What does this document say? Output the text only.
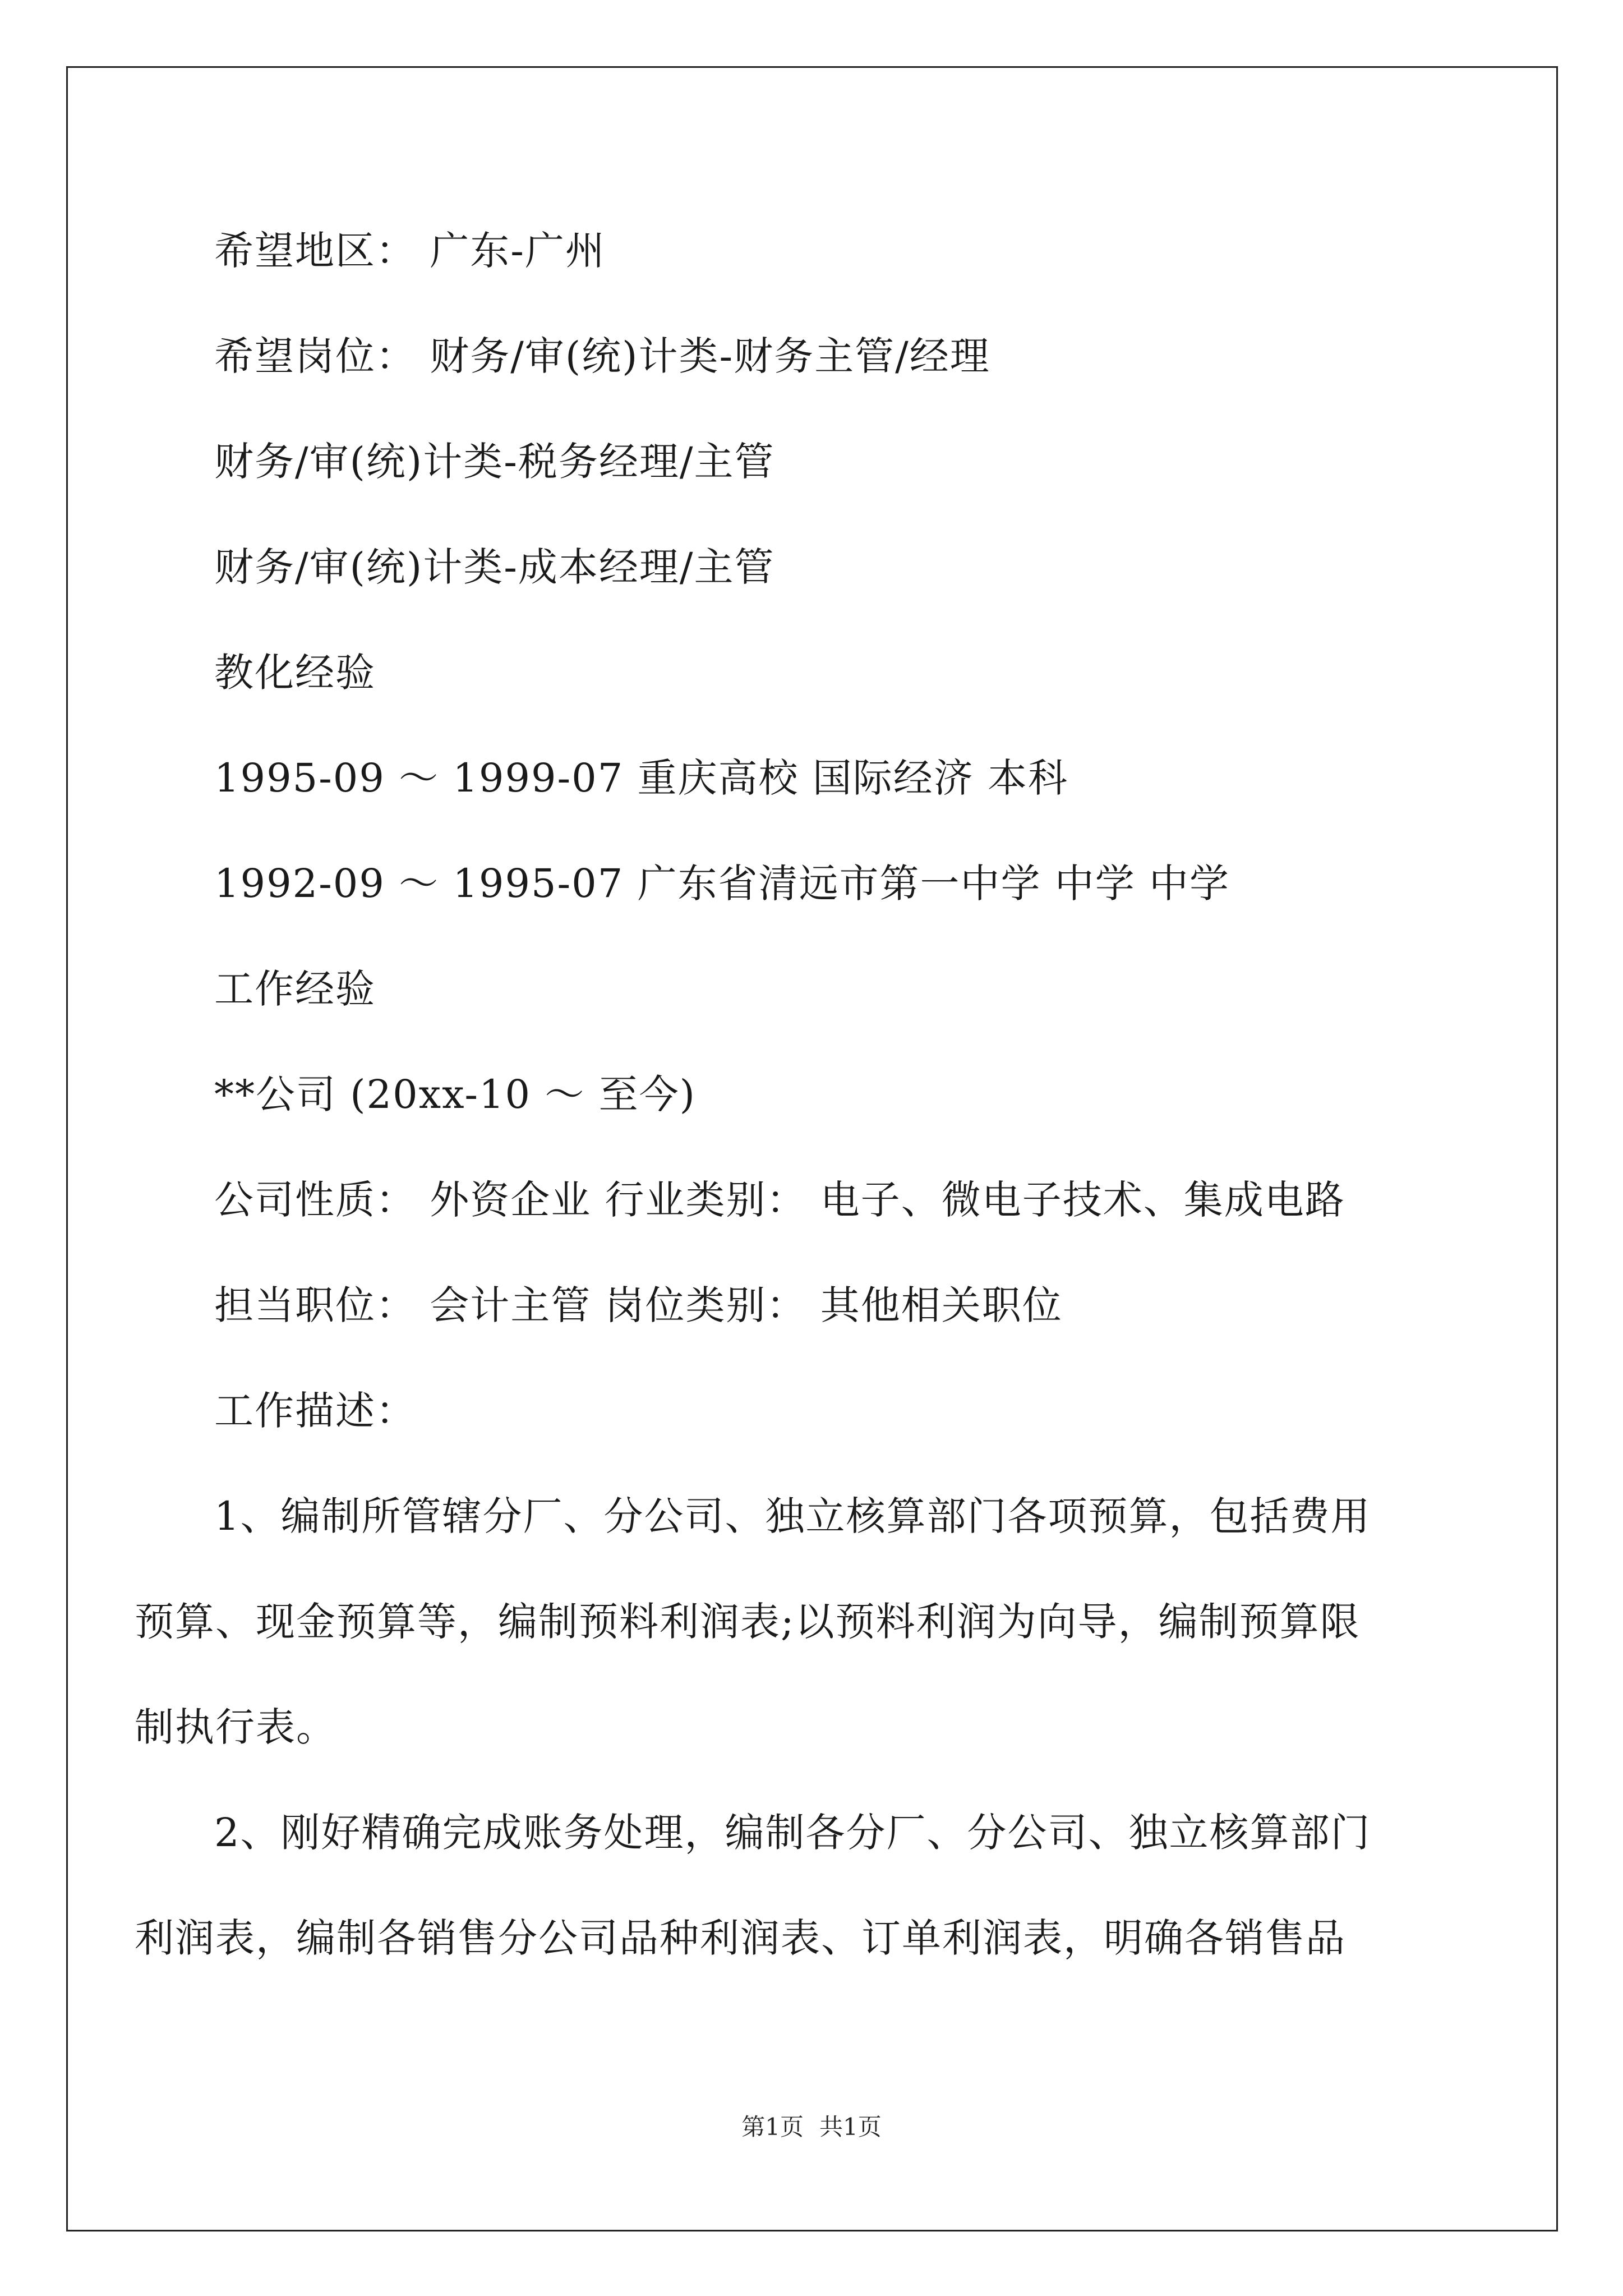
希望地区： 广东-广州
希望岗位： 财务/审(统)计类-财务主管/经理
财务/审(统)计类-税务经理/主管
财务/审(统)计类-成本经理/主管
教化经验
1995-09 ～ 1999-07 重庆高校 国际经济 本科
1992-09 ～ 1995-07 广东省清远市第一中学 中学 中学
工作经验
**公司 (20xx-10 ～ 至今)
公司性质： 外资企业 行业类别： 电子、微电子技术、集成电路
担当职位： 会计主管 岗位类别： 其他相关职位
工作描述：
1、编制所管辖分厂、分公司、独立核算部门各项预算，包括费用
预算、现金预算等，编制预料利润表;以预料利润为向导，编制预算限
制执行表。
2、刚好精确完成账务处理，编制各分厂、分公司、独立核算部门
利润表，编制各销售分公司品种利润表、订单利润表，明确各销售品
第1页 共1页
